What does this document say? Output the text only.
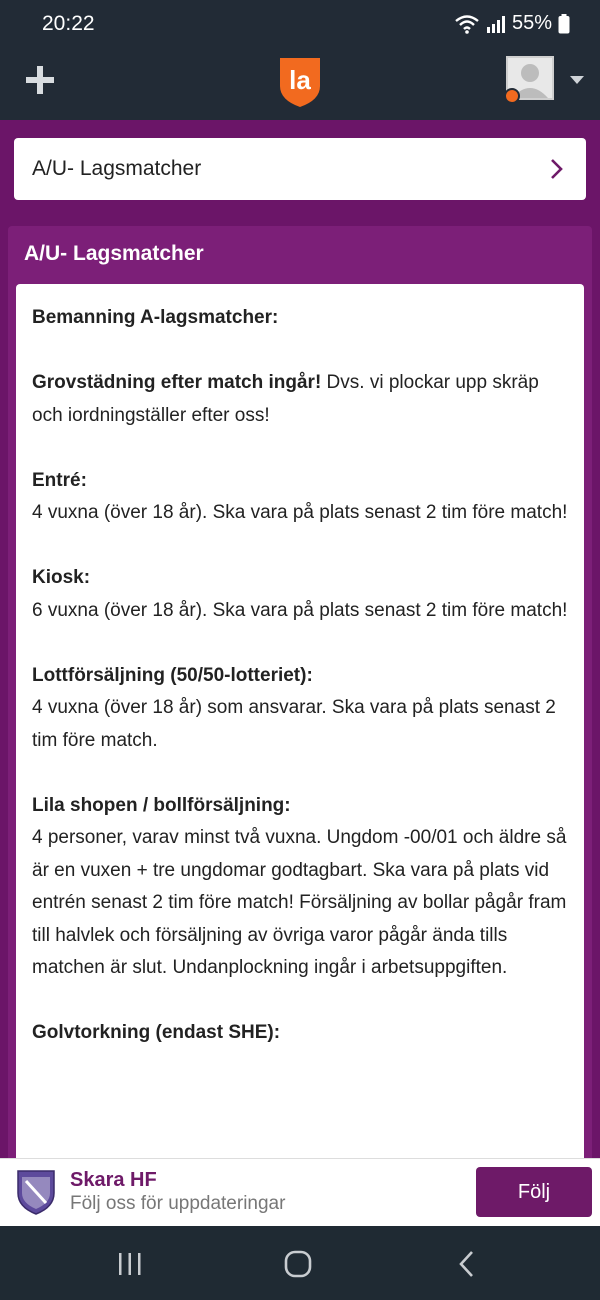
20:22	55%
la
A/U- Lagsmatcher
A/U- Lagsmatcher

Bemanning A-lagsmatcher:

Grovstädning efter match ingår! Dvs. vi plockar upp skräp och iordningställer efter oss!

Entré:
4 vuxna (över 18 år). Ska vara på plats senast 2 tim före match!

Kiosk:
6 vuxna (över 18 år). Ska vara på plats senast 2 tim före match!

Lottförsäljning (50/50-lotteriet):
4 vuxna (över 18 år) som ansvarar. Ska vara på plats senast 2 tim före match.

Lila shopen / bollförsäljning:
4 personer, varav minst två vuxna. Ungdom -00/01 och äldre så är en vuxen + tre ungdomar godtagbart. Ska vara på plats vid entrén senast 2 tim före match! Försäljning av bollar pågår fram till halvlek och försäljning av övriga varor pågår ända tills matchen är slut. Undanplockning ingår i arbetsuppgiften.

Golvtorkning (endast SHE):

Skara HF
Följ oss för uppdateringar
Följ
